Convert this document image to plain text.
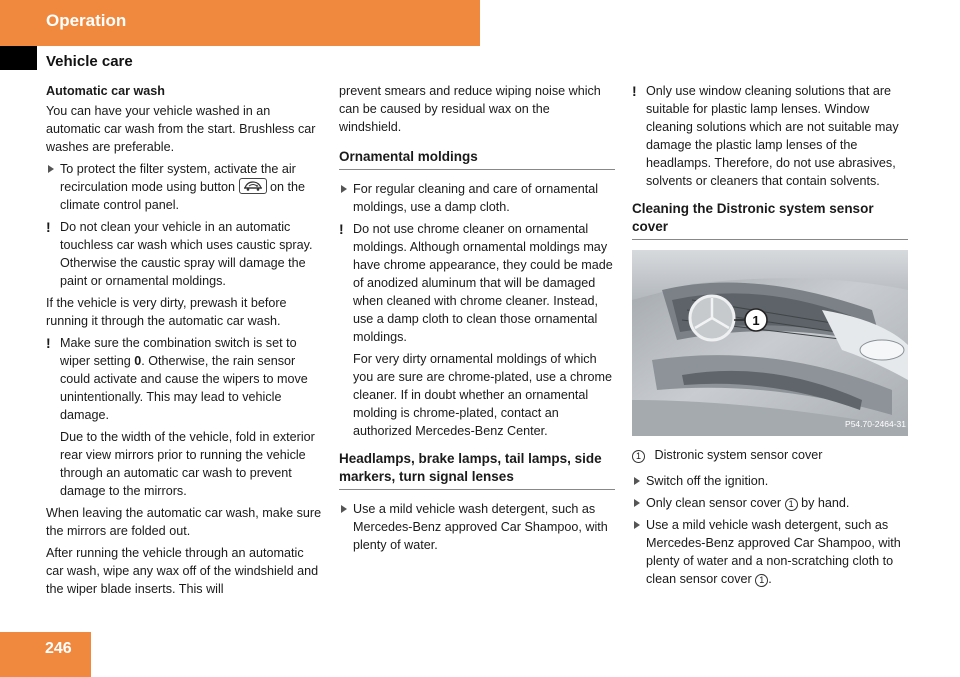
Operation
Vehicle care
Automatic car wash

You can have your vehicle washed in an automatic car wash from the start. Brushless car washes are preferable.

To protect the filter system, activate the air recirculation mode using button	on the climate control panel.
! Do not clean your vehicle in an automatic touchless car wash which uses caustic spray. Otherwise the caustic spray will damage the paint or ornamental moldings.

If the vehicle is very dirty, prewash it before running it through the automatic car wash.

! Make sure the combination switch is set to wiper setting 0. Otherwise, the rain sensor could activate and cause the wipers to move unintentionally. This may lead to vehicle damage.
Due to the width of the vehicle, fold in exterior rear view mirrors prior to running the vehicle through an automatic car wash to prevent damage to the mirrors.

When leaving the automatic car wash, make sure the mirrors are folded out.

After running the vehicle through an automatic car wash, wipe any wax off of the windshield and the wiper blade inserts. This will

prevent smears and reduce wiping noise which can be caused by residual wax on the windshield.

Ornamental moldings
For regular cleaning and care of ornamental moldings, use a damp cloth.
! Do not use chrome cleaner on ornamental moldings. Although ornamental moldings may have chrome appearance, they could be made of anodized aluminum that will be damaged when cleaned with chrome cleaner. Instead, use a damp cloth to clean those ornamental moldings.
For very dirty ornamental moldings of which you are sure are chrome-plated, use a chrome cleaner. If in doubt whether an ornamental molding is chrome-plated, contact an authorized Mercedes-Benz Center.
Headlamps, brake lamps, tail lamps, side markers, turn signal lenses
Use a mild vehicle wash detergent, such as Mercedes-Benz approved Car Shampoo, with plenty of water.
! Only use window cleaning solutions that are suitable for plastic lamp lenses. Window cleaning solutions which are not suitable may damage the plastic lamp lenses of the headlamps. Therefore, do not use abrasives, solvents or cleaners that contain solvents.
Cleaning the Distronic system sensor cover
1
P54.70-2464-31
1 Distronic system sensor cover
Switch off the ignition.
Only clean sensor cover 1 by hand.
Use a mild vehicle wash detergent, such as Mercedes-Benz approved Car Shampoo, with plenty of water and a non-scratching cloth to clean sensor cover 1 .
246
